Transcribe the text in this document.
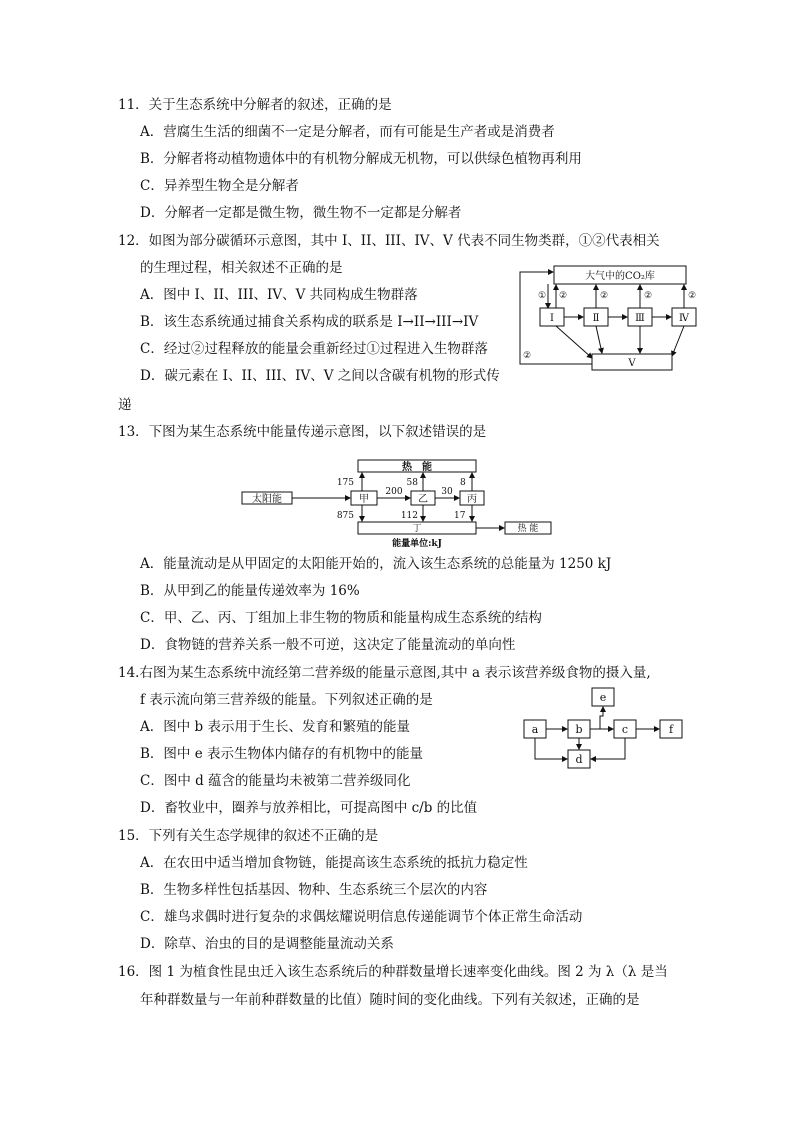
11．关于生态系统中分解者的叙述，正确的是
A．营腐生生活的细菌不一定是分解者，而有可能是生产者或是消费者
B．分解者将动植物遗体中的有机物分解成无机物，可以供绿色植物再利用
C．异养型生物全是分解者
D．分解者一定都是微生物，微生物不一定都是分解者
12．如图为部分碳循环示意图，其中 I、II、III、IV、V 代表不同生物类群，①②代表相关
的生理过程，相关叙述不正确的是
A．图中 I、II、III、IV、V 共同构成生物群落
B．该生态系统通过捕食关系构成的联系是 I→II→III→IV
C．经过②过程释放的能量会重新经过①过程进入生物群落
D．碳元素在 I、II、III、IV、V 之间以含碳有机物的形式传
递
大气中的CO₂库
Ⅰ	Ⅱ	Ⅲ	Ⅳ
Ⅴ
① ②	②	②	②
②
13．下图为某生态系统中能量传递示意图，以下叙述错误的是
热　能
太阳能	甲	乙	丙
200	30
175	58	8
丁
875	112	17
能量单位:kJ
热 能
A．能量流动是从甲固定的太阳能开始的，流入该生态系统的总能量为 1250 kJ
B．从甲到乙的能量传递效率为 16%
C．甲、乙、丙、丁组加上非生物的物质和能量构成生态系统的结构
D．食物链的营养关系一般不可逆，这决定了能量流动的单向性
14.右图为某生态系统中流经第二营养级的能量示意图,其中 a 表示该营养级食物的摄入量,
f 表示流向第三营养级的能量。下列叙述正确的是
A．图中 b 表示用于生长、发育和繁殖的能量
B．图中 e 表示生物体内储存的有机物中的能量
C．图中 d 蕴含的能量均未被第二营养级同化
D．畜牧业中，圈养与放养相比，可提高图中 c/b 的比值
a	b	c	f
e
d
15．下列有关生态学规律的叙述不正确的是
A．在农田中适当增加食物链，能提高该生态系统的抵抗力稳定性
B．生物多样性包括基因、物种、生态系统三个层次的内容
C．雄鸟求偶时进行复杂的求偶炫耀说明信息传递能调节个体正常生命活动
D．除草、治虫的目的是调整能量流动关系
16．图 1 为植食性昆虫迁入该生态系统后的种群数量增长速率变化曲线。图 2 为 λ（λ 是当
年种群数量与一年前种群数量的比值）随时间的变化曲线。下列有关叙述，正确的是
